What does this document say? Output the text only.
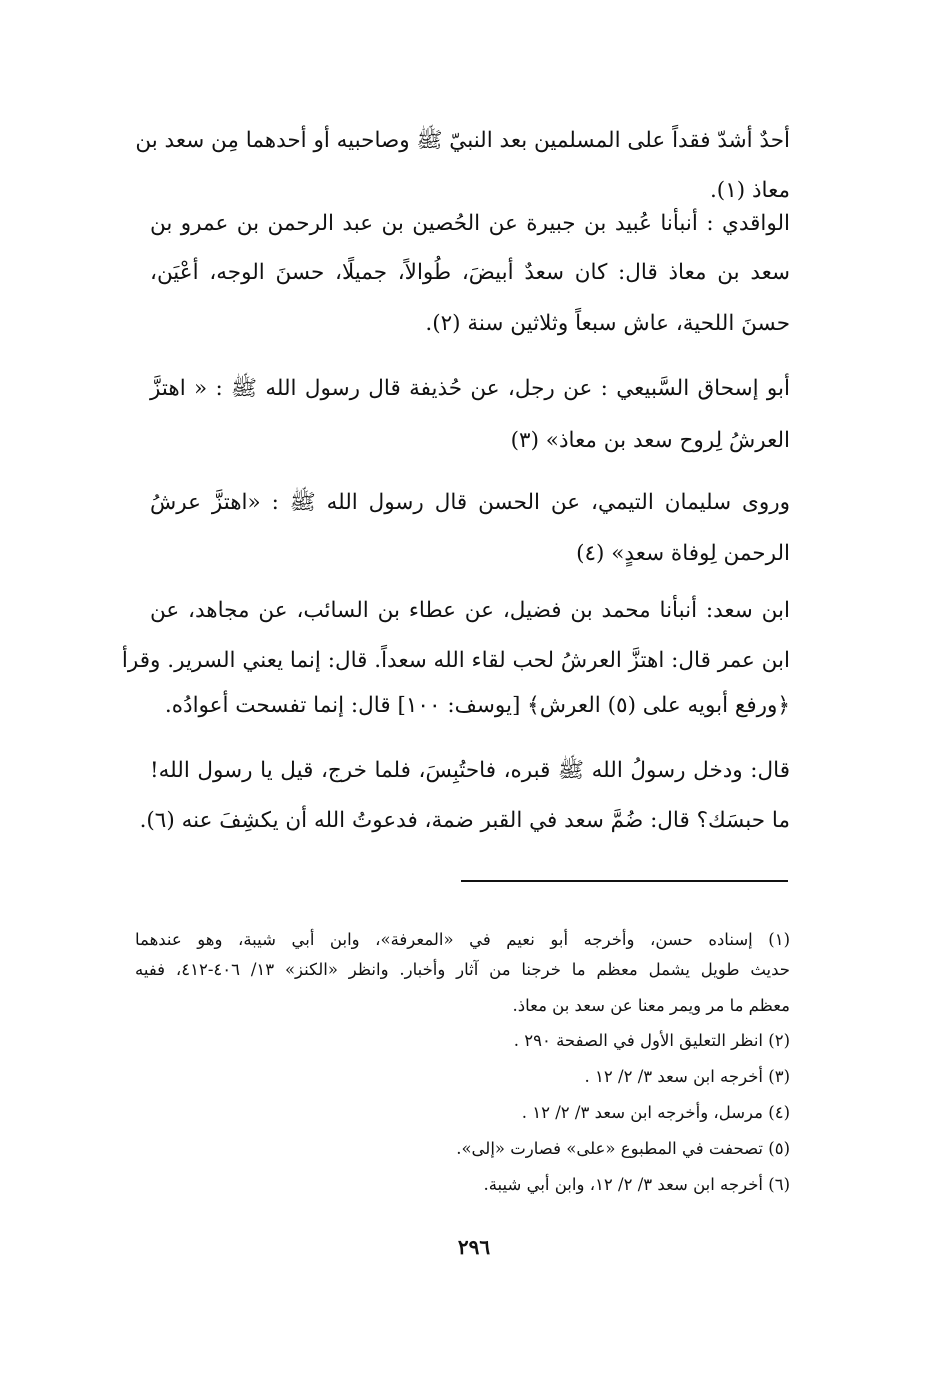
أحدٌ أشدّ فقداً على المسلمين بعد النبيّ ﷺ وصاحبيه أو أحدهما مِن سعد بن
معاذ (١).
الواقدي : أنبأنا عُبيد بن جبيرة عن الحُصين بن عبد الرحمن بن عمرو بن
سعد بن معاذ قال: كان سعدٌ أبيضَ، طُوالاً، جميلًا، حسنَ الوجه، أعْيَن،
حسنَ اللحية، عاش سبعاً وثلاثين سنة (٢).
أبو إسحاق السَّبيعي : عن رجل، عن حُذيفة قال رسول الله ﷺ : « اهتزَّ
العرشُ لِروح سعد بن معاذ» (٣)
وروى سليمان التيمي، عن الحسن قال رسول الله ﷺ : «اهتزَّ عرشُ
الرحمن لِوفاة سعدٍ» (٤)
ابن سعد: أنبأنا محمد بن فضيل، عن عطاء بن السائب، عن مجاهد، عن
ابن عمر قال: اهتزَّ العرشُ لحب لقاء الله سعداً. قال: إنما يعني السرير. وقرأ
﴿ورفع أبويه على (٥) العرش﴾ [يوسف: ١٠٠] قال: إنما تفسحت أعوادُه.
قال: ودخل رسولُ الله ﷺ قبره، فاحتُبِسَ، فلما خرج، قيل يا رسول الله!
ما حبسَك؟ قال: ضُمَّ سعد في القبر ضمة، فدعوتُ الله أن يكشِفَ عنه (٦).
(١) إسناده حسن، وأخرجه أبو نعيم في «المعرفة»، وابن أبي شيبة، وهو عندهما
حديث طويل يشمل معظم ما خرجنا من آثار وأخبار. وانظر «الكنز» ١٣/ ٤٠٦-٤١٢، ففيه
معظم ما مر ويمر معنا عن سعد بن معاذ.
(٢) انظر التعليق الأول في الصفحة ٢٩٠ .
(٣) أخرجه ابن سعد ٣/ ٢/ ١٢ .
(٤) مرسل، وأخرجه ابن سعد ٣/ ٢/ ١٢ .
(٥) تصحفت في المطبوع «على» فصارت «إلى».
(٦) أخرجه ابن سعد ٣/ ٢/ ١٢، وابن أبي شيبة.
٢٩٦
